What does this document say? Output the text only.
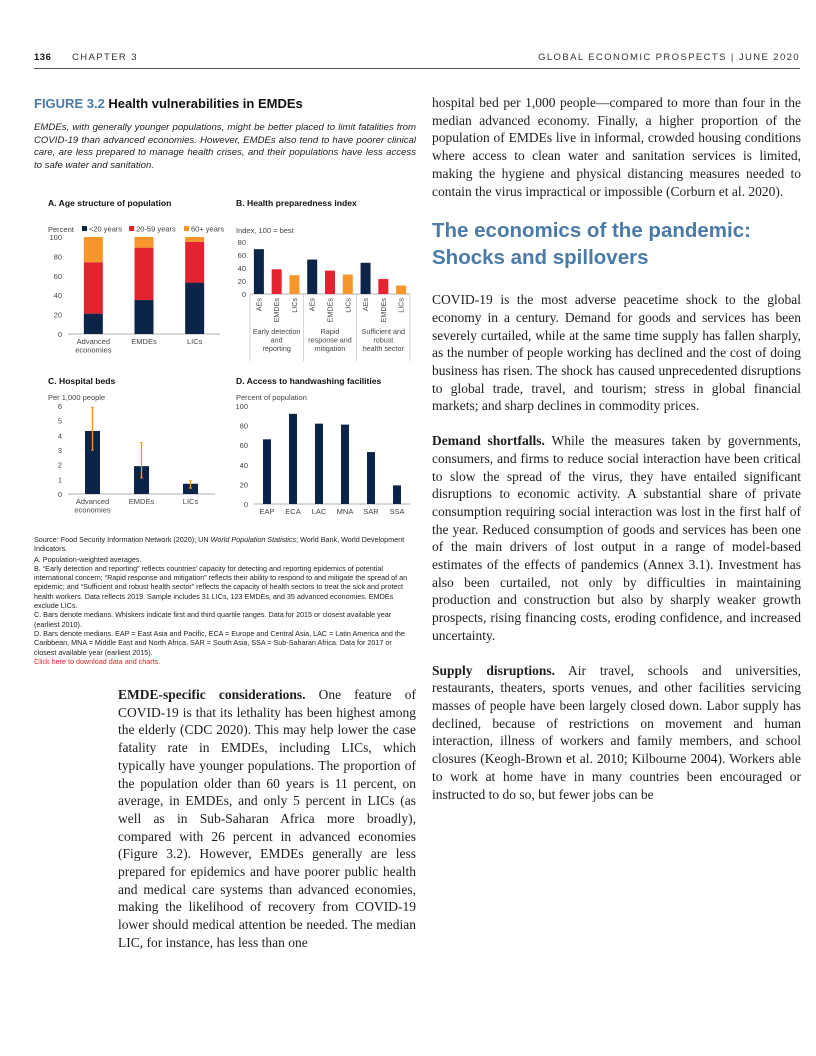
136 CHAPTER 3	GLOBAL ECONOMIC PROSPECTS | JUNE 2020
FIGURE 3.2 Health vulnerabilities in EMDEs
EMDEs, with generally younger populations, might be better placed to limit fatalities from COVID-19 than advanced economies. However, EMDEs also tend to have poorer clinical care, are less prepared to manage health crises, and their populations have less access to safe water and sanitation.
A. Age structure of population	B. Health preparedness index
C. Hospital beds	D. Access to handwashing facilities
0
20
40
60
80
100
Percent <20 years 20-59 years 60+ years
Advanced
economies
EMDEs	LICs
0
20
40
60
80
Index, 100 = best
AEs EMDEs LICs
Early detection
and
reporting
AEs EMDEs LICs
Rapid
response and
mitigation
AEs EMDEs LICs
Sufficient and
robust
health sector
0
1
2
3
4
5
6
Per 1,000 people
Advanced
economies
EMDEs	LICs	0
20
40
60
80
100
Percent of population
EAP ECA LAC MNA SAR SSA

Source: Food Security Information Network (2020); UN World Population Statistics; World Bank, World Development Indicators.

A. Population-weighted averages.

B. “Early detection and reporting” reflects countries’ capacity for detecting and reporting epidemics of potential international concern; “Rapid response and mitigation” reflects their ability to respond to and mitigate the spread of an epidemic; and “Sufficient and robust health sector” reflects the capacity of health sectors to treat the sick and protect health workers. Data reflects 2019. Sample includes 31 LICs, 123 EMDEs, and 35 advanced economies. EMDEs exclude LICs.

C. Bars denote medians. Whiskers indicate first and third quartile ranges. Data for 2015 or closest available year (earliest 2010).

D. Bars denote medians. EAP = East Asia and Pacific, ECA = Europe and Central Asia, LAC = Latin America and the Caribbean, MNA = Middle East and North Africa, SAR = South Asia, SSA = Sub-Saharan Africa. Data for 2017 or closest available year (earliest 2015).

Click here to download data and charts.

EMDE-specific considerations. One feature of COVID-19 is that its lethality has been highest among the elderly (CDC 2020). This may help lower the case fatality rate in EMDEs, including LICs, which typically have younger populations. The proportion of the population older than 60 years is 11 percent, on average, in EMDEs, and only 5 percent in LICs (as well as in Sub-Saharan Africa more broadly), compared with 26 percent in advanced economies (Figure 3.2). However, EMDEs generally are less prepared for epidemics and have poorer public health and medical care systems than advanced economies, making the likelihood of recovery from COVID-19 lower should medical attention be needed. The median LIC, for instance, has less than one

hospital bed per 1,000 people—compared to more than four in the median advanced economy. Finally, a higher proportion of the population of EMDEs live in informal, crowded housing conditions where access to clean water and sanitation services is limited, making the hygiene and physical distancing measures needed to contain the virus impractical or impossible (Corburn et al. 2020).

The economics of the pandemic: Shocks and spillovers

COVID-19 is the most adverse peacetime shock to the global economy in a century. Demand for goods and services has been severely curtailed, while at the same time supply has fallen sharply, as the number of people working has declined and the cost of doing business has risen. The shock has caused unprecedented disruptions to global trade, travel, and tourism; stress in global financial markets; and sharp declines in commodity prices.

Demand shortfalls. While the measures taken by governments, consumers, and firms to reduce social interaction have been critical to slow the spread of the virus, they have entailed significant disruptions to economic activity. A substantial share of private consumption requiring social interaction was lost in the first half of the year. Reduced consumption of goods and services has been one of the main drivers of lost output in a range of model-based estimates of the effects of pandemics (Annex 3.1). Investment has also been curtailed, not only by difficulties in maintaining production and construction but also by sharply weaker growth prospects, rising financing costs, eroding confidence, and increased uncertainty.

Supply disruptions. Air travel, schools and universities, restaurants, theaters, sports venues, and other facilities servicing masses of people have been largely closed down. Labor supply has declined, because of restrictions on movement and human interaction, illness of workers and family members, and school closures (Keogh-Brown et al. 2010; Kilbourne 2004). Workers able to work at home have in many countries been encouraged or instructed to do so, but fewer jobs can be
